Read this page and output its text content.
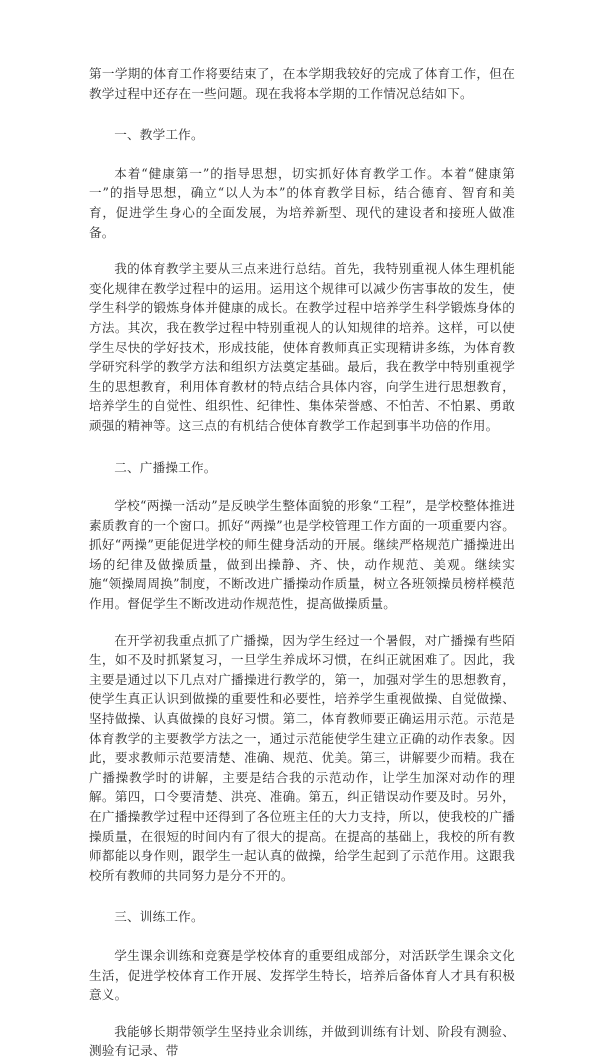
第一学期的体育工作将要结束了，在本学期我较好的完成了体育工作，但在教学过程中还存在一些问题。现在我将本学期的工作情况总结如下。

一、教学工作。

本着“健康第一”的指导思想，切实抓好体育教学工作。本着“健康第一”的指导思想，确立“以人为本”的体育教学目标，结合德育、智育和美育，促进学生身心的全面发展，为培养新型、现代的建设者和接班人做准备。

我的体育教学主要从三点来进行总结。首先，我特别重视人体生理机能变化规律在教学过程中的运用。运用这个规律可以减少伤害事故的发生，使学生科学的锻炼身体并健康的成长。在教学过程中培养学生科学锻炼身体的方法。其次，我在教学过程中特别重视人的认知规律的培养。这样，可以使学生尽快的学好技术，形成技能，使体育教师真正实现精讲多练，为体育教学研究科学的教学方法和组织方法奠定基础。最后，我在教学中特别重视学生的思想教育，利用体育教材的特点结合具体内容，向学生进行思想教育，培养学生的自觉性、组织性、纪律性、集体荣誉感、不怕苦、不怕累、勇敢顽强的精神等。这三点的有机结合使体育教学工作起到事半功倍的作用。

二、广播操工作。

学校“两操一活动”是反映学生整体面貌的形象“工程”，是学校整体推进素质教育的一个窗口。抓好“两操”也是学校管理工作方面的一项重要内容。抓好“两操”更能促进学校的师生健身活动的开展。继续严格规范广播操进出场的纪律及做操质量，做到出操静、齐、快，动作规范、美观。继续实施“领操周周换”制度，不断改进广播操动作质量，树立各班领操员榜样模范作用。督促学生不断改进动作规范性，提高做操质量。

在开学初我重点抓了广播操，因为学生经过一个暑假，对广播操有些陌生，如不及时抓紧复习，一旦学生养成坏习惯，在纠正就困难了。因此，我主要是通过以下几点对广播操进行教学的，第一，加强对学生的思想教育，使学生真正认识到做操的重要性和必要性，培养学生重视做操、自觉做操、坚持做操、认真做操的良好习惯。第二，体育教师要正确运用示范。示范是体育教学的主要教学方法之一，通过示范能使学生建立正确的动作表象。因此，要求教师示范要清楚、准确、规范、优美。第三，讲解要少而精。我在广播操教学时的讲解，主要是结合我的示范动作，让学生加深对动作的理解。第四，口令要清楚、洪亮、准确。第五，纠正错误动作要及时。另外，在广播操教学过程中还得到了各位班主任的大力支持，所以，使我校的广播操质量，在很短的时间内有了很大的提高。在提高的基础上，我校的所有教师都能以身作则，跟学生一起认真的做操，给学生起到了示范作用。这跟我校所有教师的共同努力是分不开的。

三、训练工作。

学生课余训练和竞赛是学校体育的重要组成部分，对活跃学生课余文化生活，促进学校体育工作开展、发挥学生特长，培养后备体育人才具有积极意义。

我能够长期带领学生坚持业余训练，并做到训练有计划、阶段有测验、测验有记录、带
